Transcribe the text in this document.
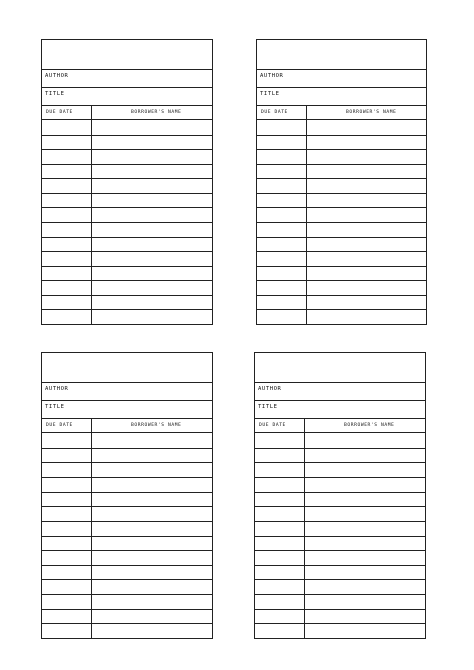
AUTHOR
TITLE
DUE DATE	BORROWER'S NAME
AUTHOR
TITLE
DUE DATE	BORROWER'S NAME
AUTHOR
TITLE
DUE DATE	BORROWER'S NAME
AUTHOR
TITLE
DUE DATE	BORROWER'S NAME
